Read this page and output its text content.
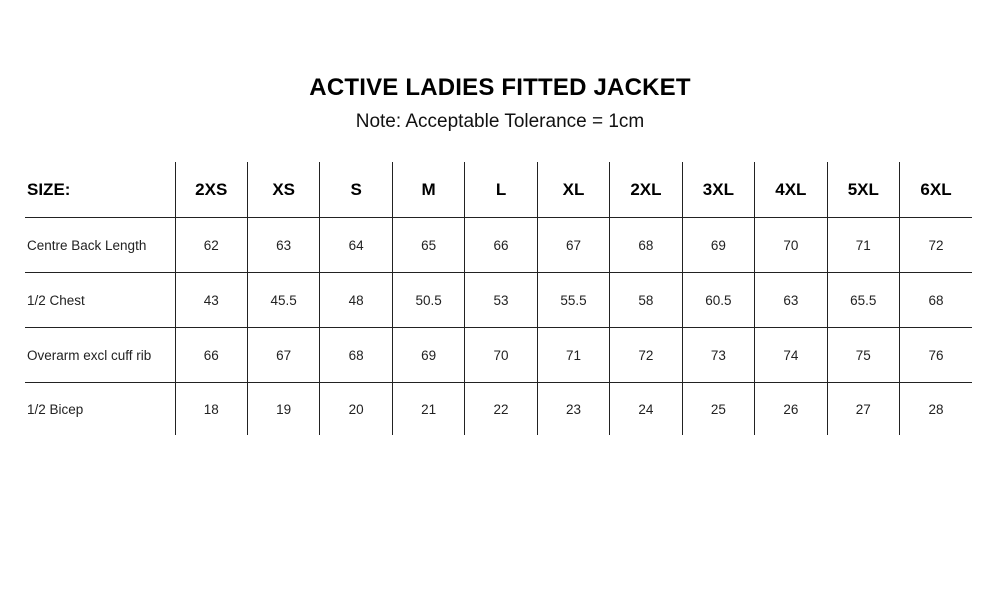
ACTIVE LADIES FITTED JACKET
Note: Acceptable Tolerance = 1cm
SIZE:	2XS	XS	S	M	L	XL	2XL	3XL	4XL	5XL	6XL
Centre Back Length	62	63	64	65	66	67	68	69	70	71	72
1/2 Chest	43	45.5	48	50.5	53	55.5	58	60.5	63	65.5	68
Overarm excl cuff rib	66	67	68	69	70	71	72	73	74	75	76
1/2 Bicep	18	19	20	21	22	23	24	25	26	27	28
